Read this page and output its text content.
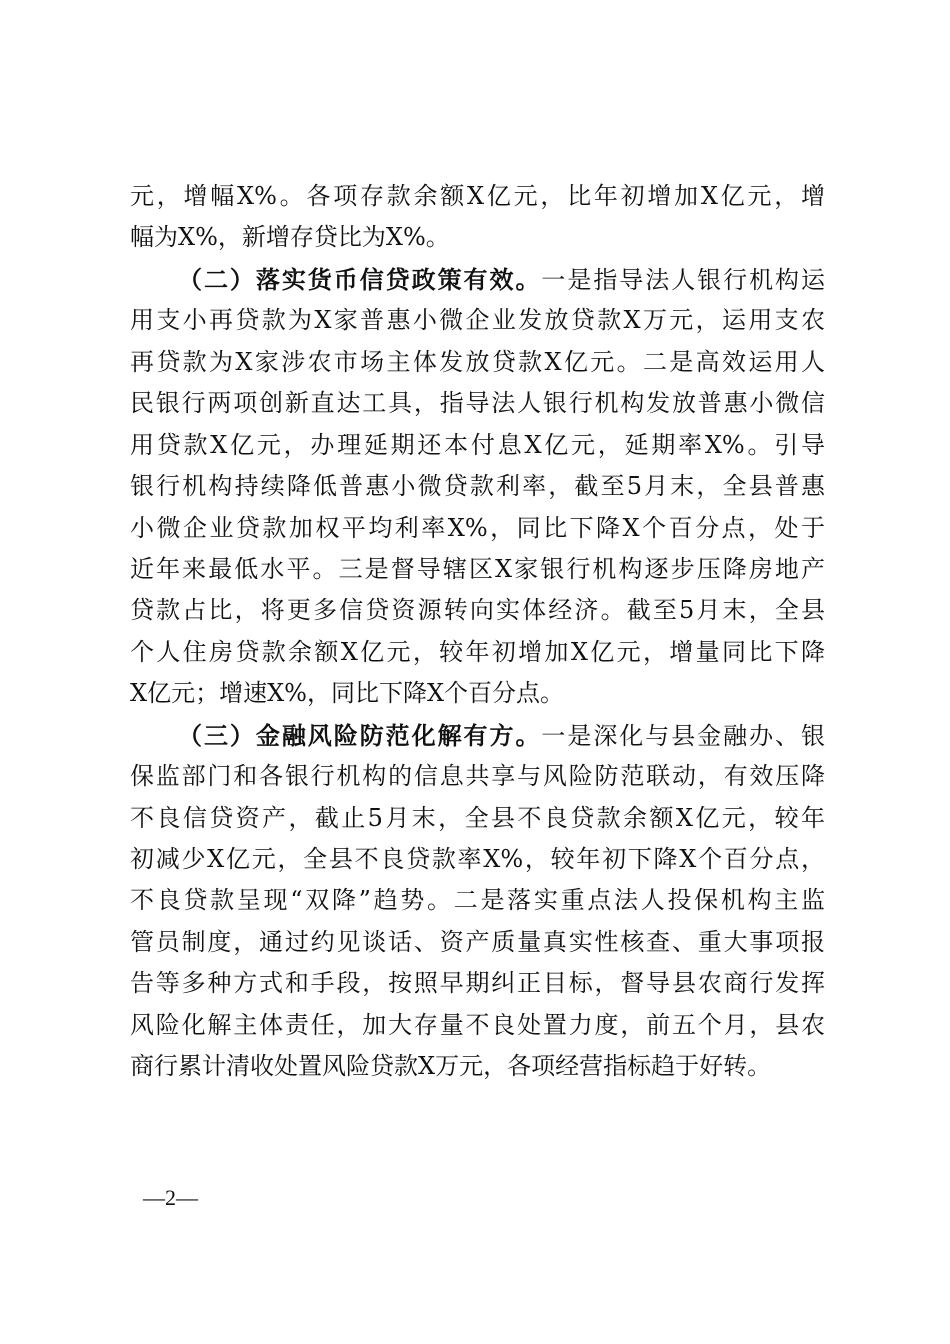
元，增幅X%。各项存款余额X亿元，比年初增加X亿元，增
幅为X%，新增存贷比为X%。
（二）落实货币信贷政策有效。一是指导法人银行机构运
用支小再贷款为X家普惠小微企业发放贷款X万元，运用支农
再贷款为X家涉农市场主体发放贷款X亿元。二是高效运用人
民银行两项创新直达工具，指导法人银行机构发放普惠小微信
用贷款X亿元，办理延期还本付息X亿元，延期率X%。引导
银行机构持续降低普惠小微贷款利率，截至5月末，全县普惠
小微企业贷款加权平均利率X%，同比下降X个百分点，处于
近年来最低水平。三是督导辖区X家银行机构逐步压降房地产
贷款占比，将更多信贷资源转向实体经济。截至5月末，全县
个人住房贷款余额X亿元，较年初增加X亿元，增量同比下降
X亿元；增速X%，同比下降X个百分点。
（三）金融风险防范化解有方。一是深化与县金融办、银
保监部门和各银行机构的信息共享与风险防范联动，有效压降
不良信贷资产，截止5月末，全县不良贷款余额X亿元，较年
初减少X亿元，全县不良贷款率X%，较年初下降X个百分点，
不良贷款呈现“双降”趋势。二是落实重点法人投保机构主监
管员制度，通过约见谈话、资产质量真实性核查、重大事项报
告等多种方式和手段，按照早期纠正目标，督导县农商行发挥
风险化解主体责任，加大存量不良处置力度，前五个月，县农
商行累计清收处置风险贷款X万元，各项经营指标趋于好转。
—2—
